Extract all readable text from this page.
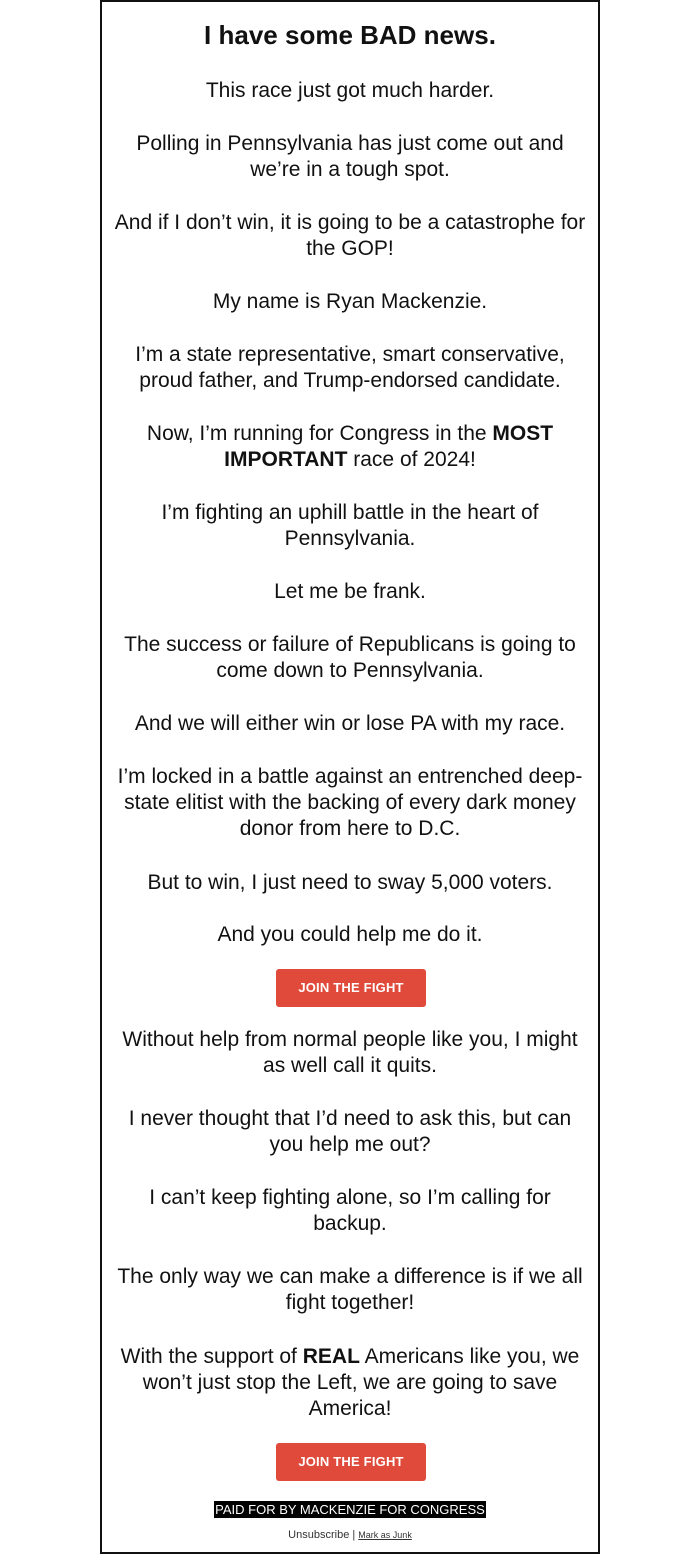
I have some BAD news.

This race just got much harder.

Polling in Pennsylvania has just come out and we’re in a tough spot.

And if I don’t win, it is going to be a catastrophe for the GOP!

My name is Ryan Mackenzie.

I’m a state representative, smart conservative, proud father, and Trump-endorsed candidate.

Now, I’m running for Congress in the MOST IMPORTANT race of 2024!

I’m fighting an uphill battle in the heart of Pennsylvania.

Let me be frank.

The success or failure of Republicans is going to come down to Pennsylvania.

And we will either win or lose PA with my race.

I’m locked in a battle against an entrenched deep-state elitist with the backing of every dark money donor from here to D.C.

But to win, I just need to sway 5,000 voters.

And you could help me do it.

JOIN THE FIGHT

Without help from normal people like you, I might as well call it quits.

I never thought that I’d need to ask this, but can you help me out?

I can’t keep fighting alone, so I’m calling for backup.

The only way we can make a difference is if we all fight together!

With the support of REAL Americans like you, we won’t just stop the Left, we are going to save America!

JOIN THE FIGHT
PAID FOR BY MACKENZIE FOR CONGRESS
Unsubscribe | Mark as Junk
